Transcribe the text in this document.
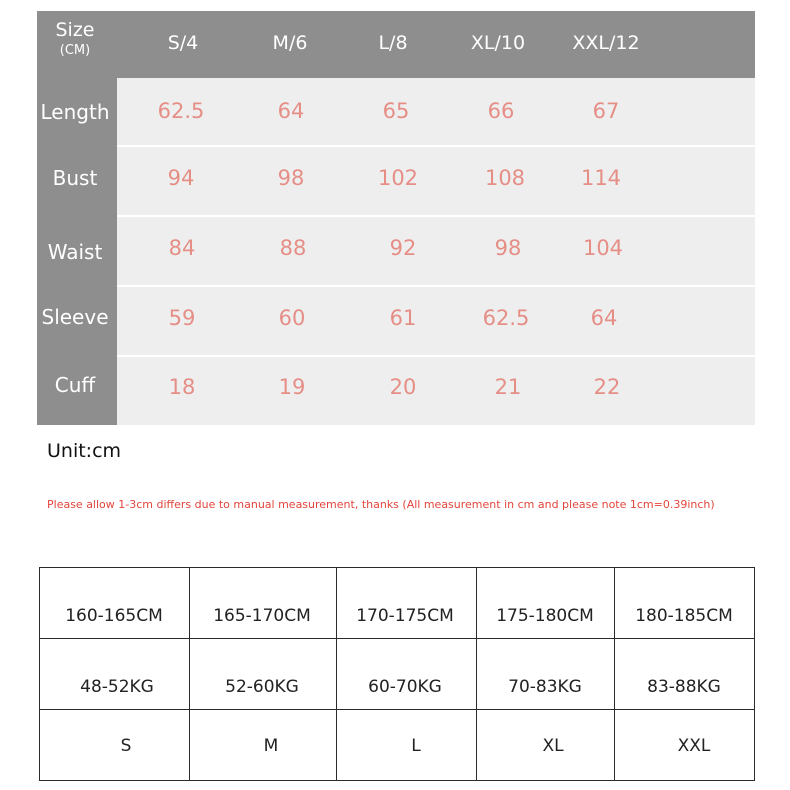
Size
(CM)	S/4	M/6	L/8	XL/10 XXL/12
Length 62.5	64	65	66	67
Bust	94	98	102	108	114
Waist	84	88	92	98	104
Sleeve	59	60	61	62.5	64
Cuff	18	19	20	21	22
Unit:cm
Please allow 1-3cm differs due to manual measurement, thanks (All measurement in cm and please note 1cm=0.39inch)
160-165CM	165-170CM	170-175CM 175-180CM 180-185CM
48-52KG	52-60KG	60-70KG	70-83KG	83-88KG
S	M	L	XL	XXL
